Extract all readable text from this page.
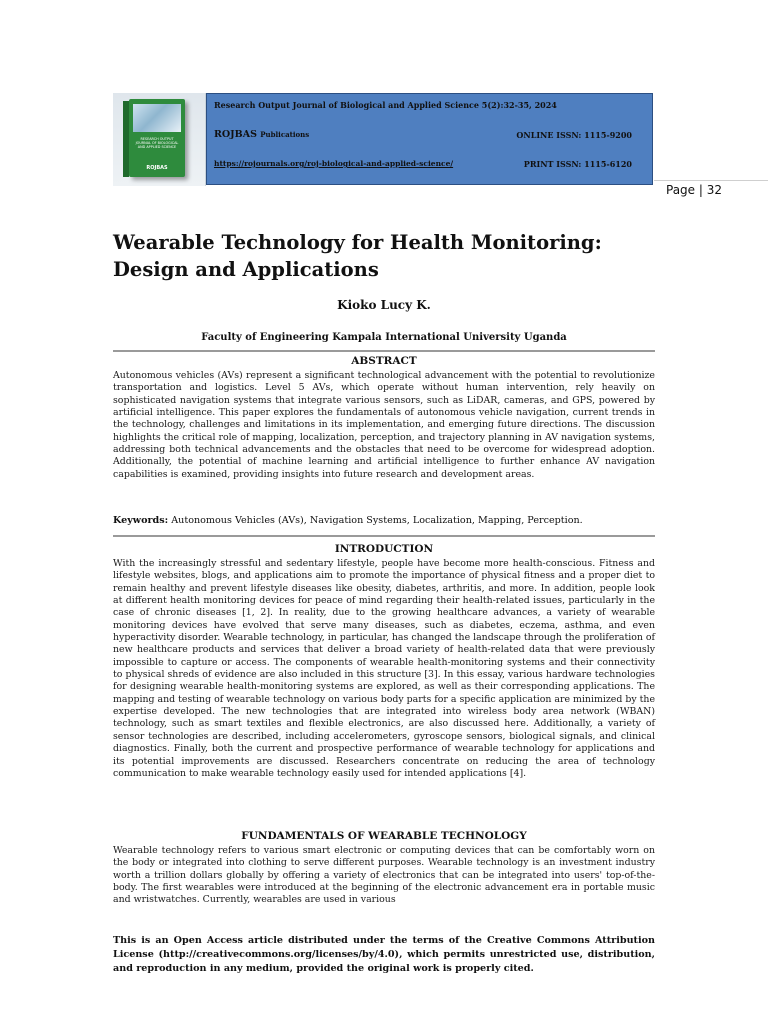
RESEARCH OUTPUT JOURNAL OF BIOLOGICAL AND APPLIED SCIENCE
ROJBAS
Research Output Journal of Biological and Applied Science 5(2):32-35, 2024
ROJBAS Publications	ONLINE ISSN: 1115-9200
https://rojournals.org/roj-biological-and-applied-science/	PRINT ISSN: 1115-6120
Page | 32
Wearable Technology for Health Monitoring: Design and Applications
Kioko Lucy K.
Faculty of Engineering Kampala International University Uganda
ABSTRACT

Autonomous vehicles (AVs) represent a significant technological advancement with the potential to revolutionize transportation and logistics. Level 5 AVs, which operate without human intervention, rely heavily on sophisticated navigation systems that integrate various sensors, such as LiDAR, cameras, and GPS, powered by artificial intelligence. This paper explores the fundamentals of autonomous vehicle navigation, current trends in the technology, challenges and limitations in its implementation, and emerging future directions. The discussion highlights the critical role of mapping, localization, perception, and trajectory planning in AV navigation systems, addressing both technical advancements and the obstacles that need to be overcome for widespread adoption. Additionally, the potential of machine learning and artificial intelligence to further enhance AV navigation capabilities is examined, providing insights into future research and development areas.

Keywords: Autonomous Vehicles (AVs), Navigation Systems, Localization, Mapping, Perception.
INTRODUCTION

With the increasingly stressful and sedentary lifestyle, people have become more health-conscious. Fitness and lifestyle websites, blogs, and applications aim to promote the importance of physical fitness and a proper diet to remain healthy and prevent lifestyle diseases like obesity, diabetes, arthritis, and more. In addition, people look at different health monitoring devices for peace of mind regarding their health-related issues, particularly in the case of chronic diseases [1, 2]. In reality, due to the growing healthcare advances, a variety of wearable monitoring devices have evolved that serve many diseases, such as diabetes, eczema, asthma, and even hyperactivity disorder. Wearable technology, in particular, has changed the landscape through the proliferation of new healthcare products and services that deliver a broad variety of health-related data that were previously impossible to capture or access. The components of wearable health-monitoring systems and their connectivity to physical shreds of evidence are also included in this structure [3]. In this essay, various hardware technologies for designing wearable health-monitoring systems are explored, as well as their corresponding applications. The mapping and testing of wearable technology on various body parts for a specific application are minimized by the expertise developed. The new technologies that are integrated into wireless body area network (WBAN) technology, such as smart textiles and flexible electronics, are also discussed here. Additionally, a variety of sensor technologies are described, including accelerometers, gyroscope sensors, biological signals, and clinical diagnostics. Finally, both the current and prospective performance of wearable technology for applications and its potential improvements are discussed. Researchers concentrate on reducing the area of technology communication to make wearable technology easily used for intended applications [4].

FUNDAMENTALS OF WEARABLE TECHNOLOGY

Wearable technology refers to various smart electronic or computing devices that can be comfortably worn on the body or integrated into clothing to serve different purposes. Wearable technology is an investment industry worth a trillion dollars globally by offering a variety of electronics that can be integrated into users' top-of-the-body. The first wearables were introduced at the beginning of the electronic advancement era in portable music and wristwatches. Currently, wearables are used in various

This is an Open Access article distributed under the terms of the Creative Commons Attribution License (http://creativecommons.org/licenses/by/4.0), which permits unrestricted use, distribution, and reproduction in any medium, provided the original work is properly cited.
